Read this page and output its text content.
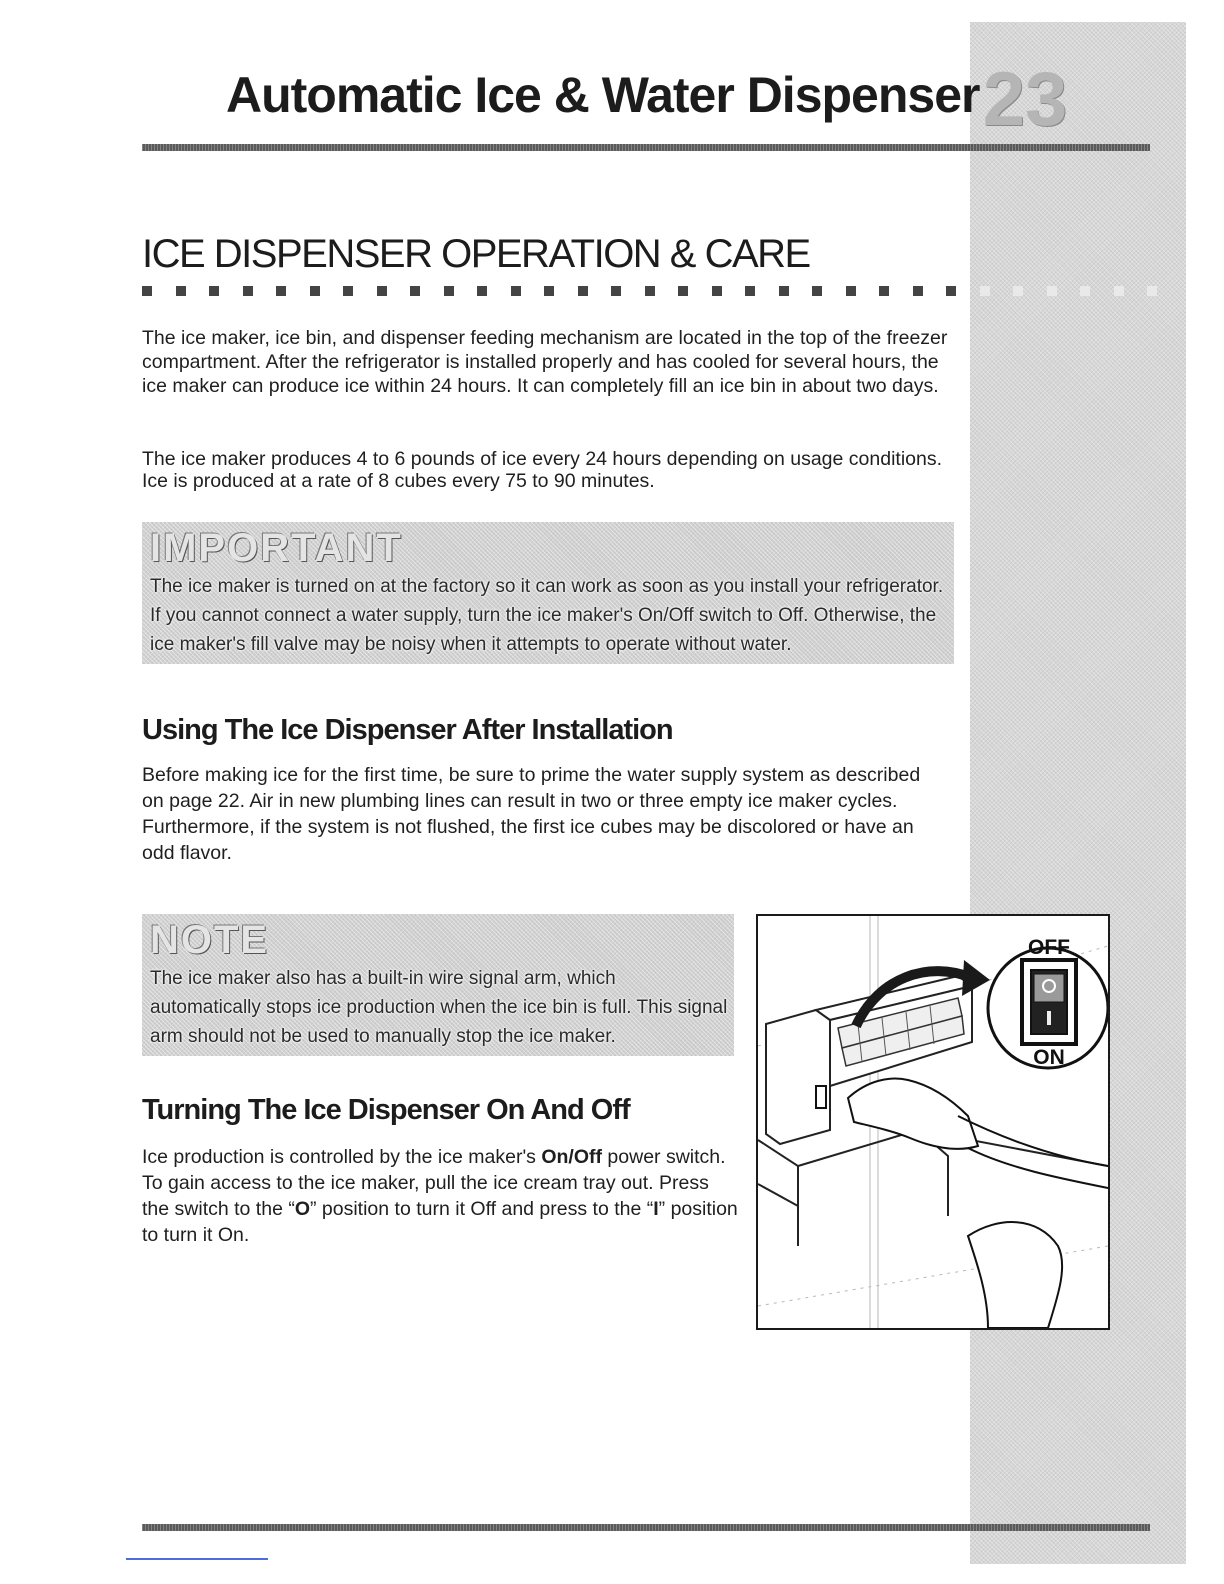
23
Automatic Ice & Water Dispenser
ICE DISPENSER OPERATION & CARE

The ice maker, ice bin, and dispenser feeding mechanism are located in the top of the freezer compartment. After the refrigerator is installed properly and has cooled for several hours, the ice maker can produce ice within 24 hours. It can completely fill an ice bin in about two days.

The ice maker produces 4 to 6 pounds of ice every 24 hours depending on usage conditions. Ice is produced at a rate of 8 cubes every 75 to 90 minutes.

IMPORTANT

The ice maker is turned on at the factory so it can work as soon as you install your refrigerator. If you cannot connect a water supply, turn the ice maker's On/Off switch to Off. Otherwise, the ice maker's fill valve may be noisy when it attempts to operate without water.

Using The Ice Dispenser After Installation

Before making ice for the first time, be sure to prime the water supply system as described on page 22. Air in new plumbing lines can result in two or three empty ice maker cycles. Furthermore, if the system is not flushed, the first ice cubes may be discolored or have an odd flavor.

NOTE

The ice maker also has a built-in wire signal arm, which automatically stops ice production when the ice bin is full. This signal arm should not be used to manually stop the ice maker.

Turning The Ice Dispenser On And Off

Ice production is controlled by the ice maker's On/Off power switch. To gain access to the ice maker, pull the ice cream tray out. Press the switch to the “O” position to turn it Off and press to the “I” position to turn it On.

OFF
ON
